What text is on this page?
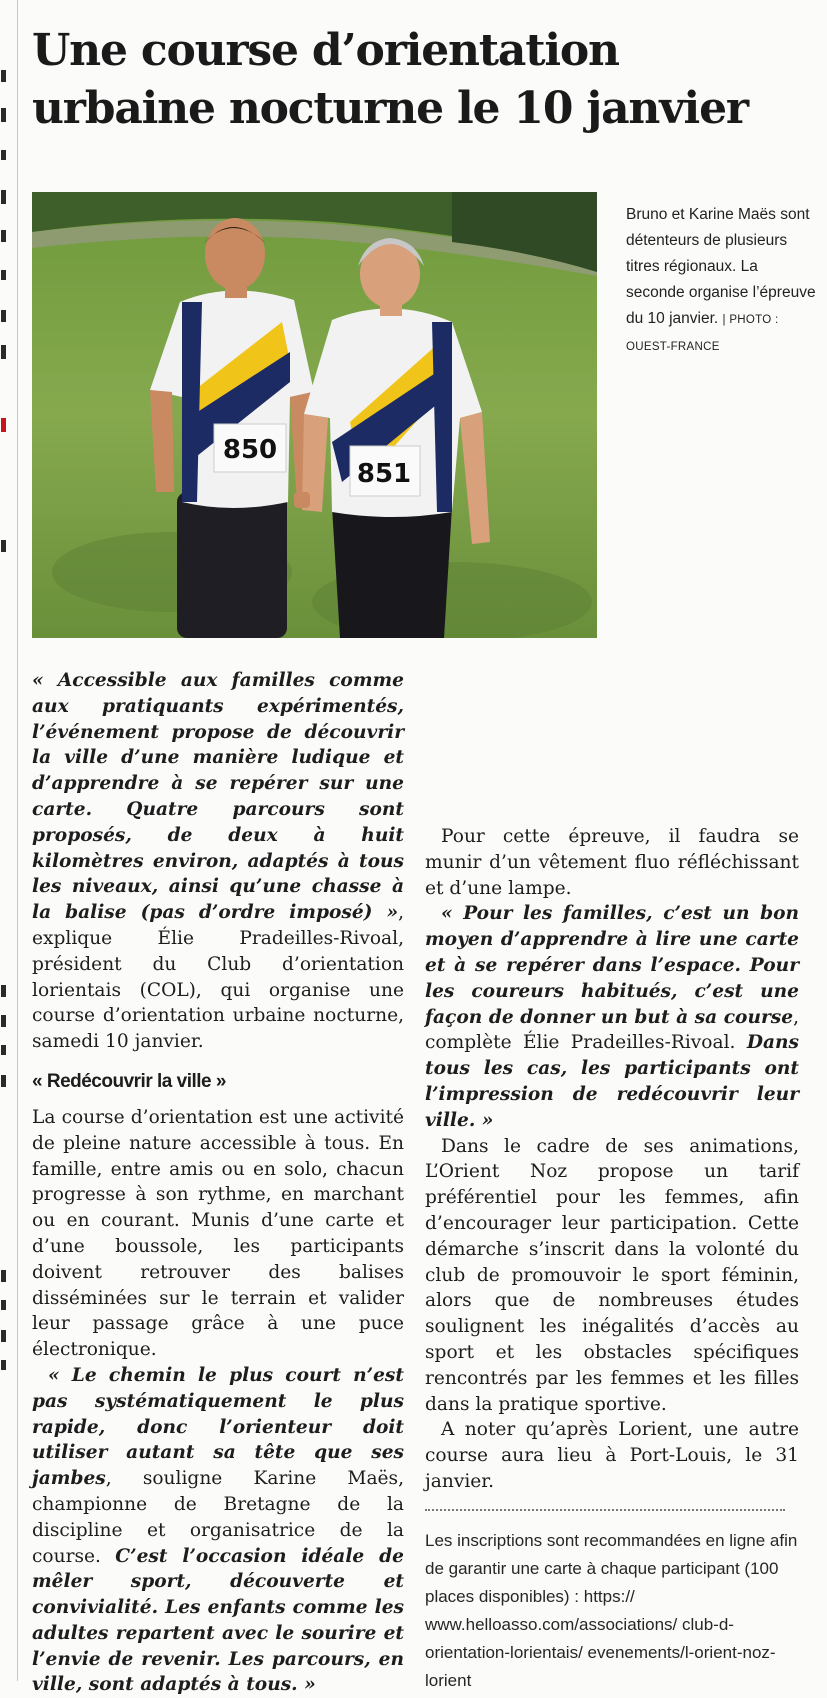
Une course d’orientation urbaine nocturne le 10 janvier
850
851
Bruno et Karine Maës sont détenteurs de plusieurs titres régionaux. La seconde organise l’épreuve du 10 janvier. | PHOTO : OUEST-FRANCE

« Accessible aux familles comme aux pratiquants expérimentés, l’événement propose de découvrir la ville d’une manière ludique et d’apprendre à se repérer sur une carte. Quatre parcours sont proposés, de deux à huit kilomètres environ, adaptés à tous les niveaux, ainsi qu’une chasse à la balise (pas d’ordre imposé) », explique Élie Pradeilles-Rivoal, président du Club d’orientation lorientais (COL), qui organise une course d’orientation urbaine nocturne, samedi 10 janvier.

« Redécouvrir la ville »

La course d’orientation est une activité de pleine nature accessible à tous. En famille, entre amis ou en solo, chacun progresse à son rythme, en marchant ou en courant. Munis d’une carte et d’une boussole, les participants doivent retrouver des balises disséminées sur le terrain et valider leur passage grâce à une puce électronique.

« Le chemin le plus court n’est pas systématiquement le plus rapide, donc l’orienteur doit utiliser autant sa tête que ses jambes, souligne Karine Maës, championne de Bretagne de la discipline et organisatrice de la course. C’est l’occasion idéale de mêler sport, découverte et convivialité. Les enfants comme les adultes repartent avec le sourire et l’envie de revenir. Les parcours, en ville, sont adaptés à tous. »

Pour cette épreuve, il faudra se munir d’un vêtement fluo réfléchissant et d’une lampe.

« Pour les familles, c’est un bon moyen d’apprendre à lire une carte et à se repérer dans l’espace. Pour les coureurs habitués, c’est une façon de donner un but à sa course, complète Élie Pradeilles-Rivoal. Dans tous les cas, les participants ont l’impression de redécouvrir leur ville. »

Dans le cadre de ses animations, L’Orient Noz propose un tarif préférentiel pour les femmes, afin d’encourager leur participation. Cette démarche s’inscrit dans la volonté du club de promouvoir le sport féminin, alors que de nombreuses études soulignent les inégalités d’accès au sport et les obstacles spécifiques rencontrés par les femmes et les filles dans la pratique sportive.

A noter qu’après Lorient, une autre course aura lieu à Port-Louis, le 31 janvier.

Les inscriptions sont recommandées en ligne afin de garantir une carte à chaque participant (100 places disponibles) : https:// www.helloasso.com/associations/ club-d-orientation-lorientais/ evenements/l-orient-noz-lorient
